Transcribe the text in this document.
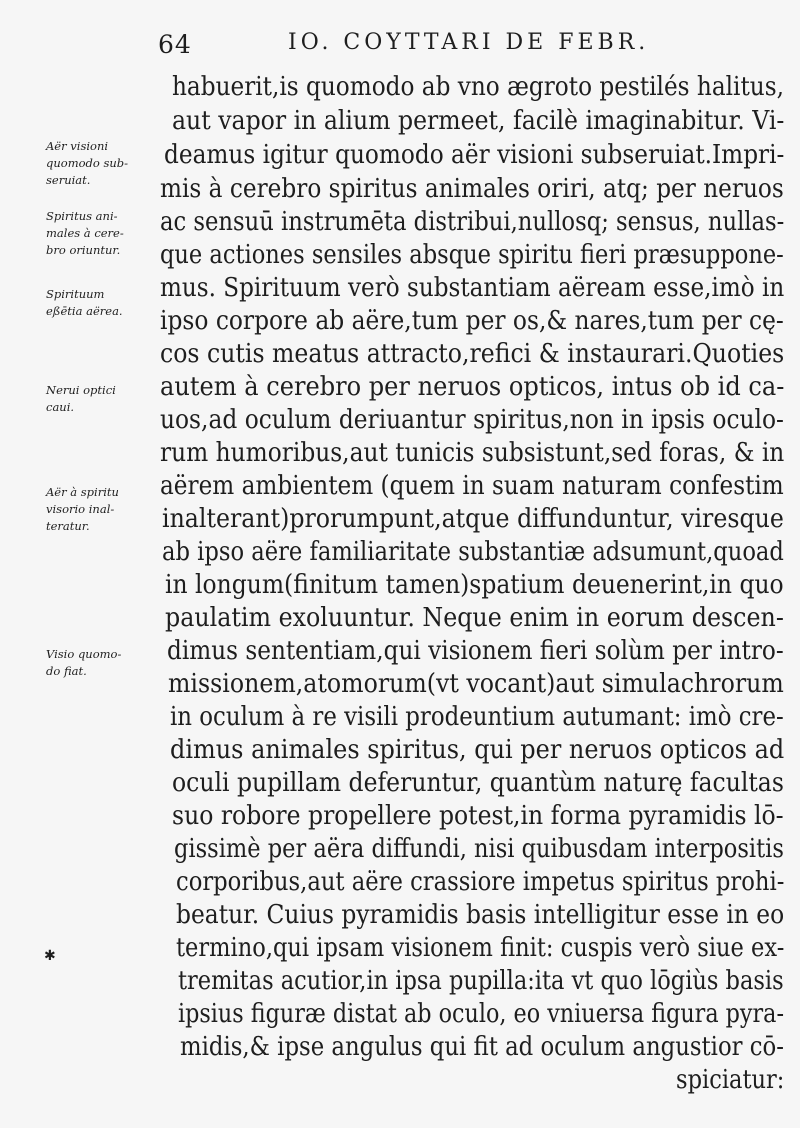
64	IO. COYTTARI DE FEBR.
Aër visioni
quomodo sub-
seruiat.
Spiritus ani-
males à cere-
bro oriuntur.
Spirituum
eßētia aërea.
Nerui optici
caui.
Aër à spiritu
visorio inal-
teratur.
Visio quomo-
do fiat.
habuerit,is quomodo ab vno ægroto pestilés halitus,
aut vapor in alium permeet, facilè imaginabitur. Vi-
deamus igitur quomodo aër visioni subseruiat.Impri-
mis à cerebro spiritus animales oriri, atq; per neruos
ac sensuū instrumēta distribui,nullosq; sensus, nullas-
que actiones sensiles absque spiritu fieri præsuppone-
mus. Spirituum verò substantiam aëream esse,imò in
ipso corpore ab aëre,tum per os,& nares,tum per cę-
cos cutis meatus attracto,refici & instaurari.Quoties
autem à cerebro per neruos opticos, intus ob id ca-
uos,ad oculum deriuantur spiritus,non in ipsis oculo-
rum humoribus,aut tunicis subsistunt,sed foras, & in
aërem ambientem (quem in suam naturam confestim
inalterant)prorumpunt,atque diffunduntur, viresque
ab ipso aëre familiaritate substantiæ adsumunt,quoad
in longum(finitum tamen)spatium deuenerint,in quo
paulatim exoluuntur. Neque enim in eorum descen-
dimus sententiam,qui visionem fieri solùm per intro-
missionem,atomorum(vt vocant)aut simulachrorum
in oculum à re visili prodeuntium autumant: imò cre-
dimus animales spiritus, qui per neruos opticos ad
oculi pupillam deferuntur, quantùm naturę facultas
suo robore propellere potest,in forma pyramidis lō-
gissimè per aëra diffundi, nisi quibusdam interpositis
corporibus,aut aëre crassiore impetus spiritus prohi-
beatur. Cuius pyramidis basis intelligitur esse in eo
termino,qui ipsam visionem finit: cuspis verò siue ex-
tremitas acutior,in ipsa pupilla:ita vt quo lōgiùs basis
ipsius figuræ distat ab oculo, eo vniuersa figura pyra-
midis,& ipse angulus qui fit ad oculum angustior cō-
spiciatur:
✱
